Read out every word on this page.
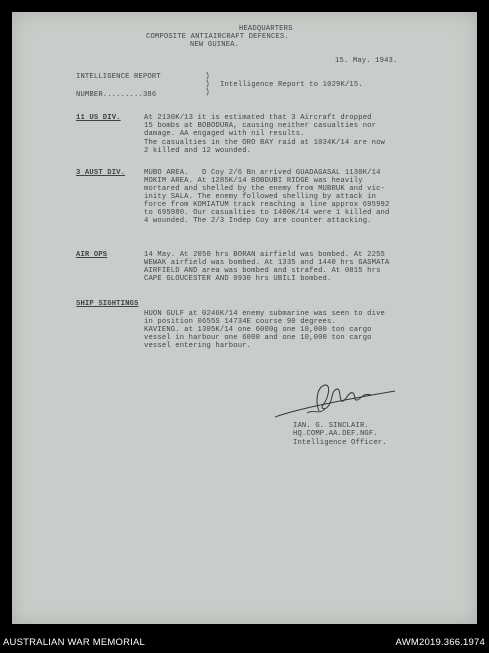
HEADQUARTERS
COMPOSITE ANTIAIRCRAFT DEFENCES.
NEW GUINEA.
15. May. 1943.
INTELLIGENCE REPORT	)
)
)
Intelligence Report to 1029K/15.
NUMBER.........386
11 US DIV.	At 2130K/13 it is estimated that 3 Aircraft dropped
15 bombs at BOBODURA, causing neither casualties nor
damage. AA engaged with nil results.
The casualties in the ORO BAY raid at 1034K/14 are now
2 killed and 12 wounded.
3 AUST DIV.	MUBO AREA.   D Coy 2/6 Bn arrived GUADAGASAL 1130K/14
MOKIM AREA. At 1285K/14 BOBDUBI RIDGE was heavily
mortared and shelled by the enemy from MUBRUK and vic-
inity SALA. The enemy followed shelling by attack in
force from KOMIATUM track reaching a line approx 695992
to 695980. Our casualties to 1400K/14 were 1 killed and
4 wounded. The 2/3 Indep Coy are counter attacking.
AIR OPS	14 May. At 2050 hrs BORAN airfield was bombed. At 2255
WEWAK airfield was bombed. At 1335 and 1440 hrs GASMATA
AIRFIELD AND area was bombed and strafed. At 0815 hrs
CAPE GLOUCESTER AND 0930 hrs UBILI bombed.
SHIP SIGHTINGS
HUON GULF at 0246K/14 enemy submarine was seen to dive
in position 0655S 14734E course 90 degrees.
KAVIENG. at 1305K/14 one 6000g one 10,000 ton cargo
vessel in harbour one 6000 and one 10,000 ton cargo
vessel entering harbour.
IAN. G. SINCLAIR.
HQ.COMP.AA.DEF.NGF.
Intelligence Officer.
AUSTRALIAN WAR MEMORIAL	AWM2019.366.1974
